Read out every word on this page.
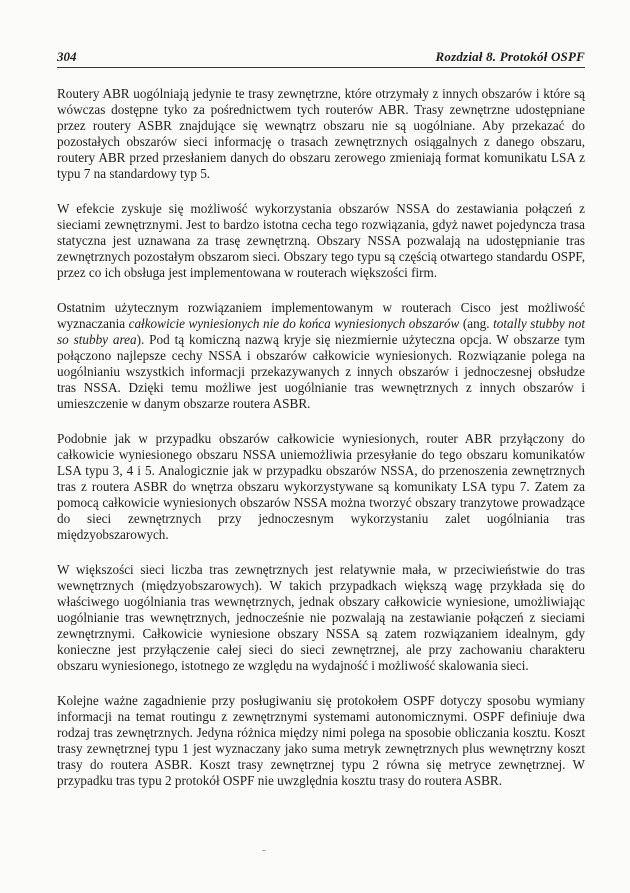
304	Rozdział 8. Protokół OSPF

Routery ABR uogólniają jedynie te trasy zewnętrzne, które otrzymały z innych obszarów i które są wówczas dostępne tyko za pośrednictwem tych routerów ABR. Trasy zewnętrzne udostępniane przez routery ASBR znajdujące się wewnątrz obszaru nie są uogólniane. Aby przekazać do pozostałych obszarów sieci informację o trasach zewnętrznych osiągalnych z danego obszaru, routery ABR przed przesłaniem danych do obszaru zerowego zmieniają format komunikatu LSA z typu 7 na standardowy typ 5.

W efekcie zyskuje się możliwość wykorzystania obszarów NSSA do zestawiania połączeń z sieciami zewnętrznymi. Jest to bardzo istotna cecha tego rozwiązania, gdyż nawet pojedyncza trasa statyczna jest uznawana za trasę zewnętrzną. Obszary NSSA pozwalają na udostępnianie tras zewnętrznych pozostałym obszarom sieci. Obszary tego typu są częścią otwartego standardu OSPF, przez co ich obsługa jest implementowana w routerach większości firm.

Ostatnim użytecznym rozwiązaniem implementowanym w routerach Cisco jest możliwość wyznaczania całkowicie wyniesionych nie do końca wyniesionych obszarów (ang. totally stubby not so stubby area). Pod tą komiczną nazwą kryje się niezmiernie użyteczna opcja. W obszarze tym połączono najlepsze cechy NSSA i obszarów całkowicie wyniesionych. Rozwiązanie polega na uogólnianiu wszystkich informacji przekazywanych z innych obszarów i jednoczesnej obsłudze tras NSSA. Dzięki temu możliwe jest uogólnianie tras wewnętrznych z innych obszarów i umieszczenie w danym obszarze routera ASBR.

Podobnie jak w przypadku obszarów całkowicie wyniesionych, router ABR przyłączony do całkowicie wyniesionego obszaru NSSA uniemożliwia przesyłanie do tego obszaru komunikatów LSA typu 3, 4 i 5. Analogicznie jak w przypadku obszarów NSSA, do przenoszenia zewnętrznych tras z routera ASBR do wnętrza obszaru wykorzystywane są komunikaty LSA typu 7. Zatem za pomocą całkowicie wyniesionych obszarów NSSA można tworzyć obszary tranzytowe prowadzące do sieci zewnętrznych przy jednoczesnym wykorzystaniu zalet uogólniania tras międzyobszarowych.

W większości sieci liczba tras zewnętrznych jest relatywnie mała, w przeciwieństwie do tras wewnętrznych (międzyobszarowych). W takich przypadkach większą wagę przykłada się do właściwego uogólniania tras wewnętrznych, jednak obszary całkowicie wyniesione, umożliwiając uogólnianie tras wewnętrznych, jednocześnie nie pozwalają na zestawianie połączeń z sieciami zewnętrznymi. Całkowicie wyniesione obszary NSSA są zatem rozwiązaniem idealnym, gdy konieczne jest przyłączenie całej sieci do sieci zewnętrznej, ale przy zachowaniu charakteru obszaru wyniesionego, istotnego ze względu na wydajność i możliwość skalowania sieci.

Kolejne ważne zagadnienie przy posługiwaniu się protokołem OSPF dotyczy sposobu wymiany informacji na temat routingu z zewnętrznymi systemami autonomicznymi. OSPF definiuje dwa rodzaj tras zewnętrznych. Jedyna różnica między nimi polega na sposobie obliczania kosztu. Koszt trasy zewnętrznej typu 1 jest wyznaczany jako suma metryk zewnętrznych plus wewnętrzny koszt trasy do routera ASBR. Koszt trasy zewnętrznej typu 2 równa się metryce zewnętrznej. W przypadku tras typu 2 protokół OSPF nie uwzględnia kosztu trasy do routera ASBR.

˜
